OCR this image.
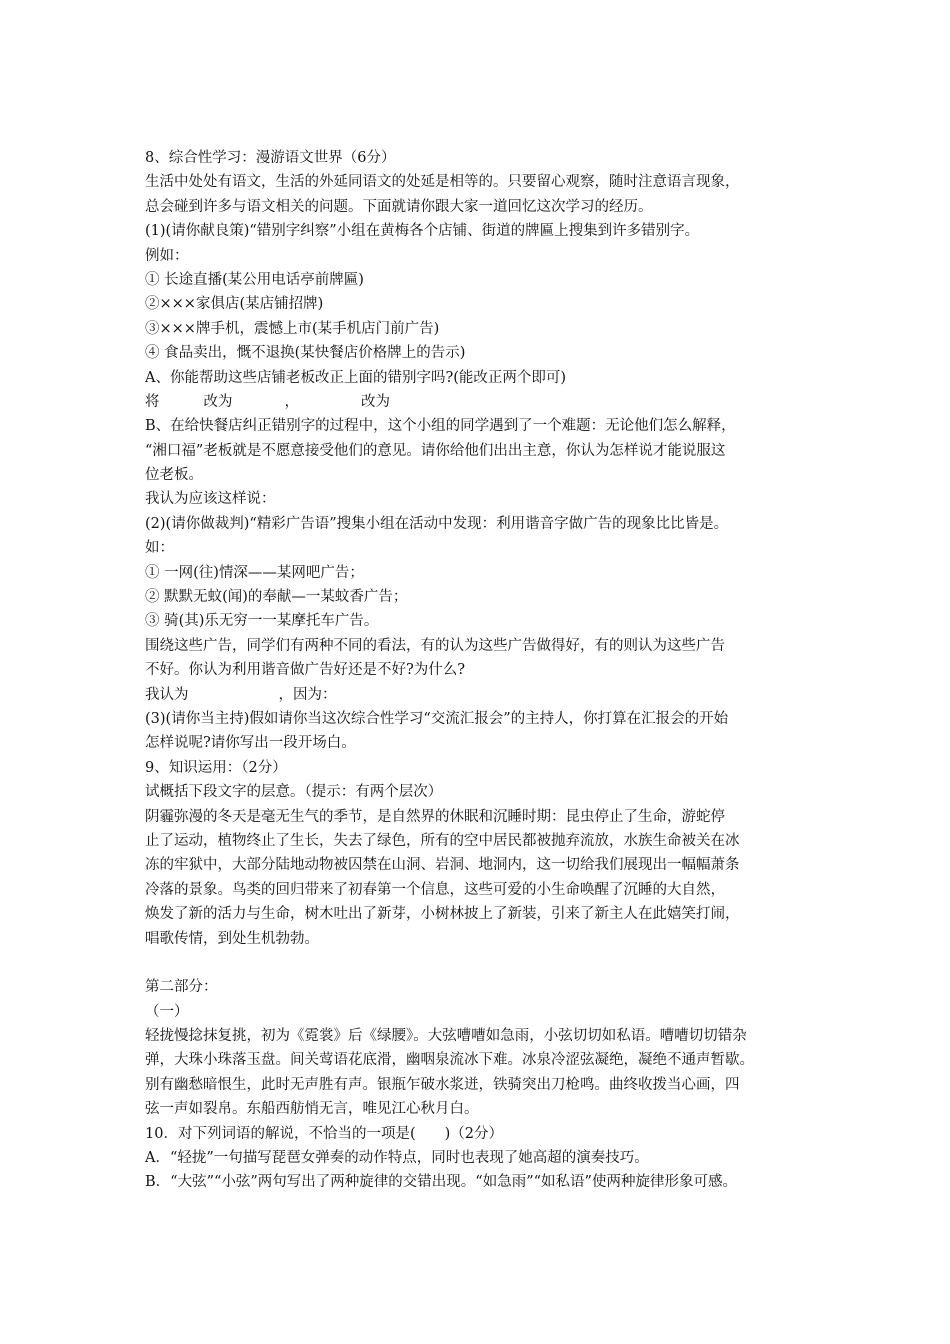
8、综合性学习：漫游语文世界（6分）
生活中处处有语文，生活的外延同语文的处延是相等的。只要留心观察，随时注意语言现象，
总会碰到许多与语文相关的问题。下面就请你跟大家一道回忆这次学习的经历。
(1)(请你献良策)“错别字纠察”小组在黄梅各个店铺、街道的牌匾上搜集到许多错别字。
例如：
① 长途直播(某公用电话亭前牌匾)
②×××家俱店(某店铺招牌)
③×××牌手机，震憾上市(某手机店门前广告)
④ 食品卖出，慨不退换(某快餐店价格牌上的告示)
A、你能帮助这些店铺老板改正上面的错别字吗?(能改正两个即可)
将	改为	，	改为
B、在给快餐店纠正错别字的过程中，这个小组的同学遇到了一个难题：无论他们怎么解释，
“湘口福”老板就是不愿意接受他们的意见。请你给他们出出主意，你认为怎样说才能说服这
位老板。
我认为应该这样说：
(2)(请你做裁判)“精彩广告语”搜集小组在活动中发现：利用谐音字做广告的现象比比皆是。
如：
① 一网(往)情深——某网吧广告；
② 默默无蚊(闻)的奉献—一某蚊香广告；
③ 骑(其)乐无穷一一某摩托车广告。
围绕这些广告，同学们有两种不同的看法，有的认为这些广告做得好，有的则认为这些广告
不好。你认为利用谐音做广告好还是不好?为什么?
我认为	，因为：
(3)(请你当主持)假如请你当这次综合性学习“交流汇报会”的主持人，你打算在汇报会的开始
怎样说呢?请你写出一段开场白。
9、知识运用：（2分）
试概括下段文字的层意。（提示：有两个层次）
阴霾弥漫的冬天是毫无生气的季节，是自然界的休眠和沉睡时期：昆虫停止了生命，游蛇停
止了运动，植物终止了生长，失去了绿色，所有的空中居民都被抛弃流放，水族生命被关在冰
冻的牢狱中，大部分陆地动物被囚禁在山洞、岩洞、地洞内，这一切给我们展现出一幅幅萧条
冷落的景象。鸟类的回归带来了初春第一个信息，这些可爱的小生命唤醒了沉睡的大自然，
焕发了新的活力与生命，树木吐出了新芽，小树林披上了新装，引来了新主人在此嬉笑打闹，
唱歌传情，到处生机勃勃。
第二部分：
（一）
轻拢慢捻抹复挑，初为《霓裳》后《绿腰》。大弦嘈嘈如急雨，小弦切切如私语。嘈嘈切切错杂
弹，大珠小珠落玉盘。间关莺语花底滑，幽咽泉流冰下难。冰泉冷涩弦凝绝，凝绝不通声暂歇。
别有幽愁暗恨生，此时无声胜有声。银瓶乍破水浆迸，铁骑突出刀枪鸣。曲终收拨当心画，四
弦一声如裂帛。东船西舫悄无言，唯见江心秋月白。
10．对下列词语的解说，不恰当的一项是(　　)（2分）
A．“轻拢”一句描写琵琶女弹奏的动作特点，同时也表现了她高超的演奏技巧。
B．“大弦”“小弦”两句写出了两种旋律的交错出现。“如急雨”“如私语”使两种旋律形象可感。
